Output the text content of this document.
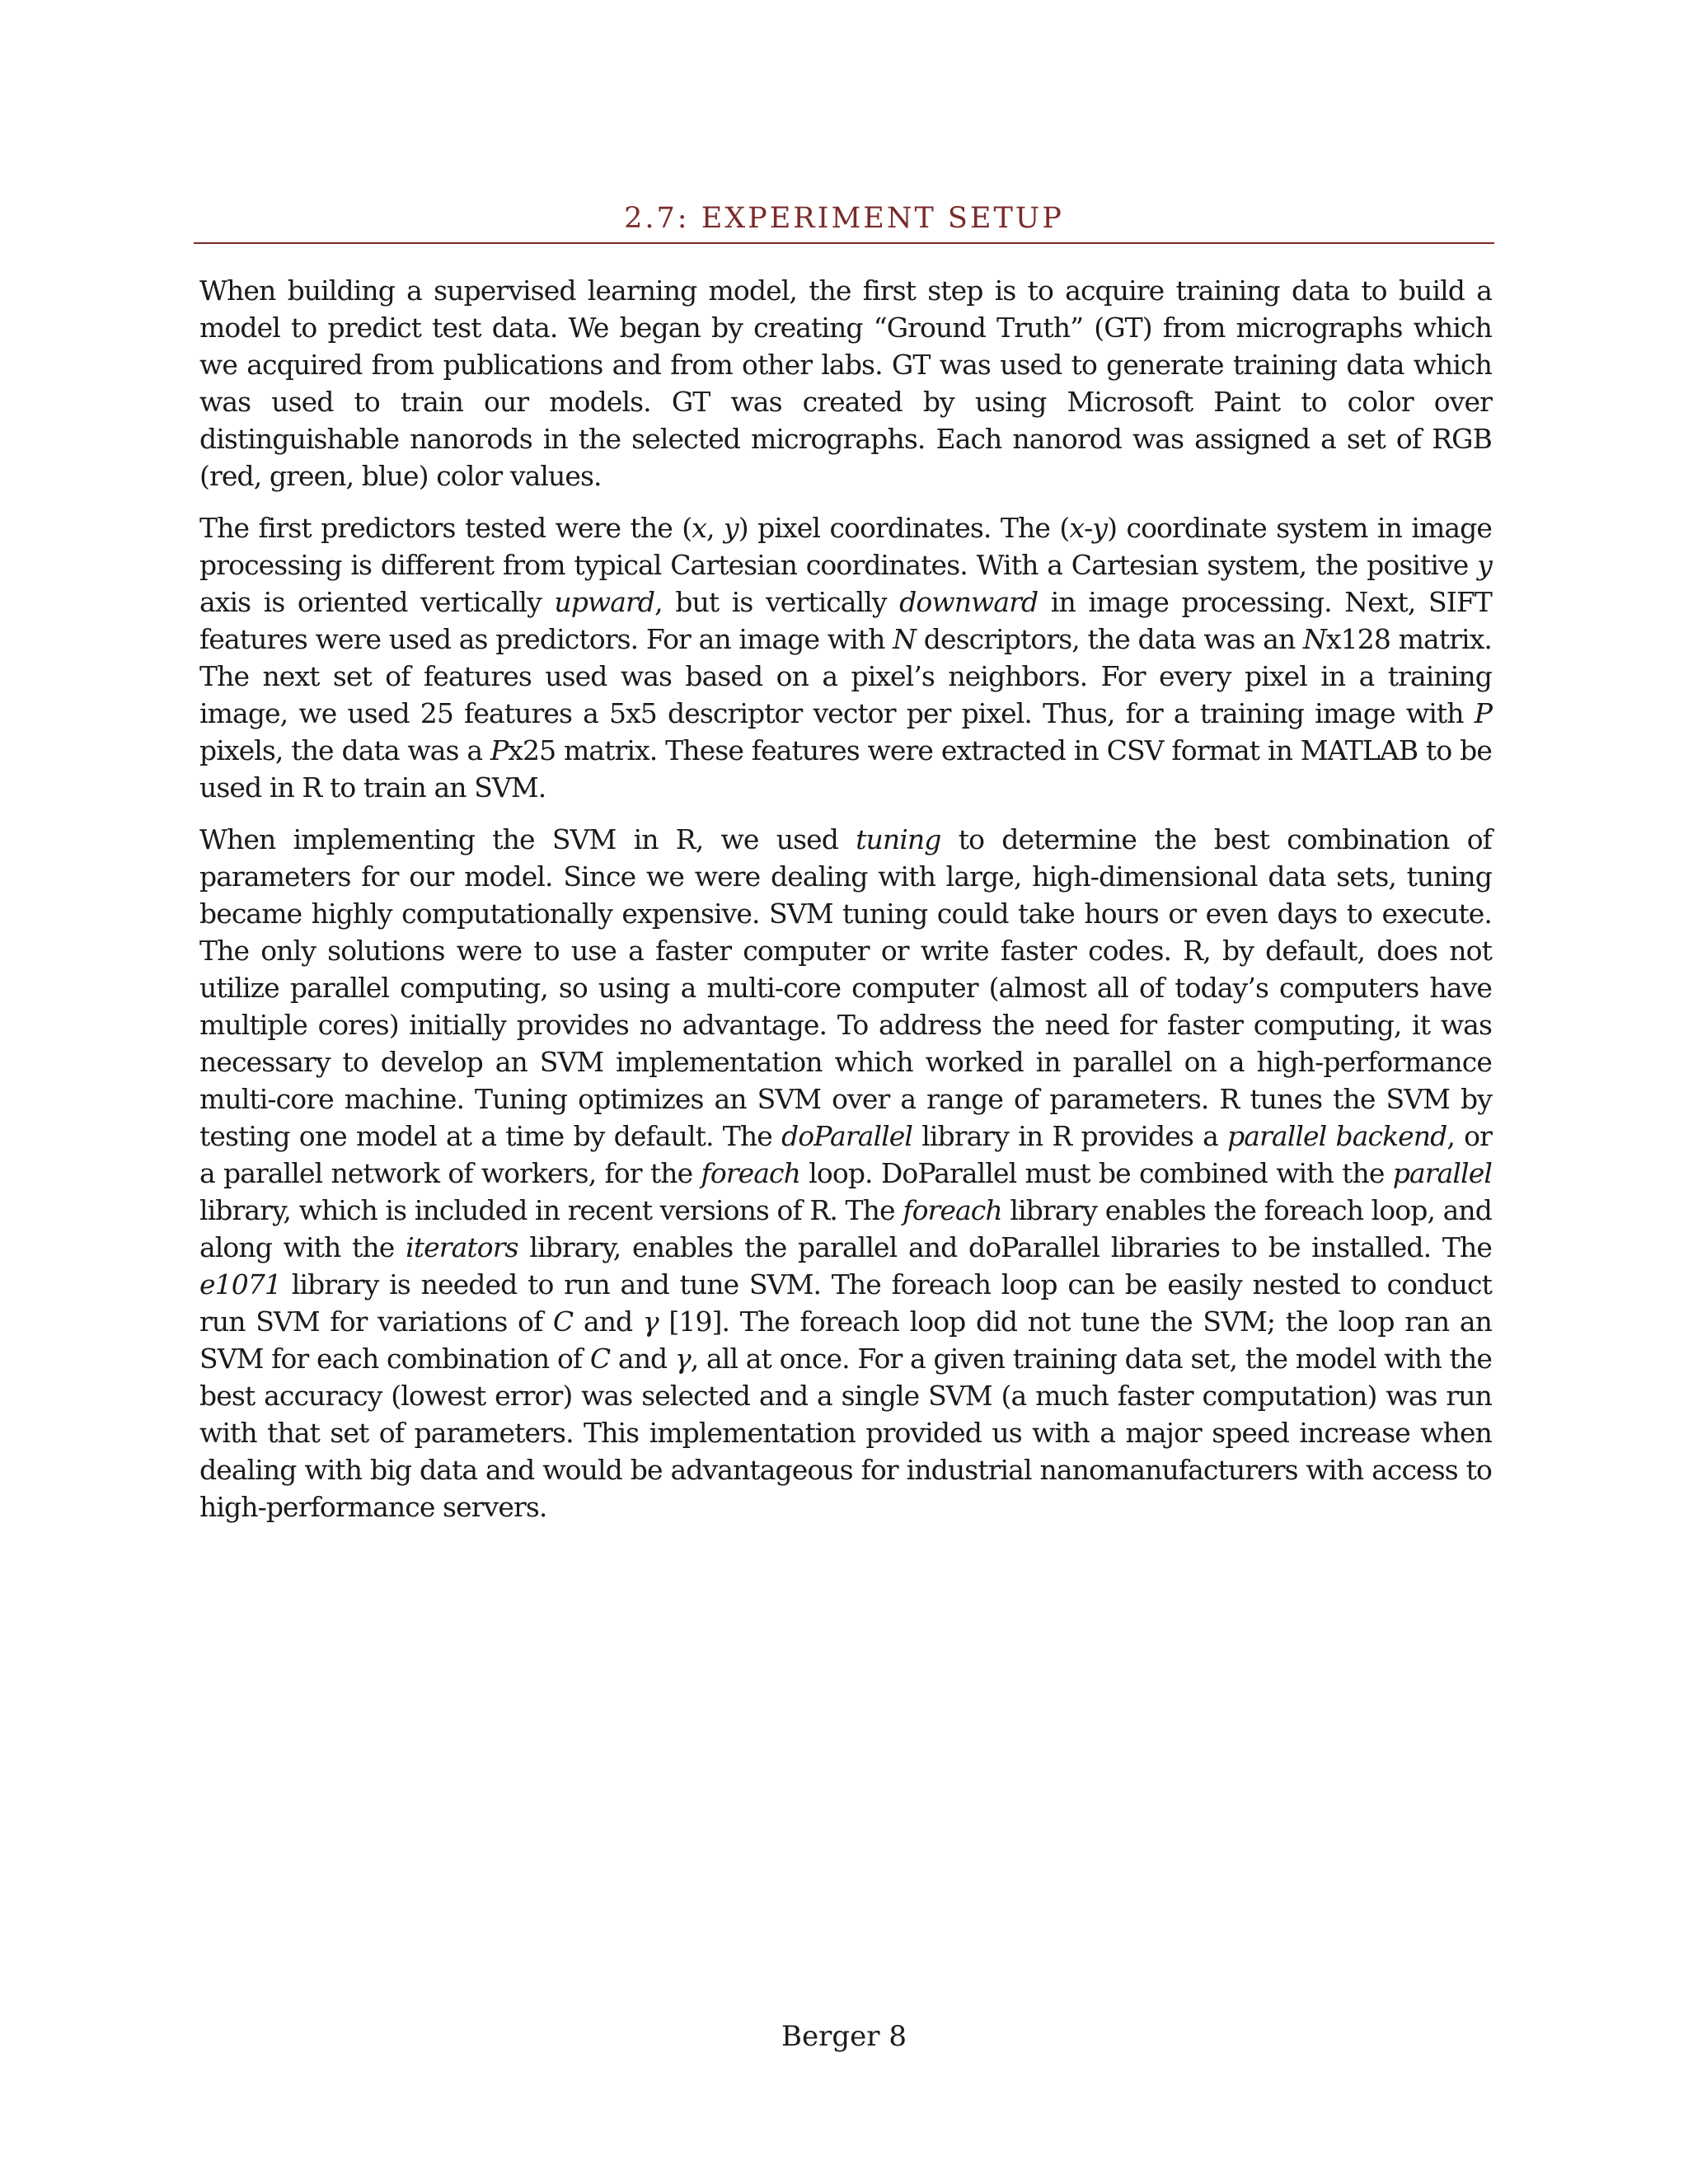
2.7: EXPERIMENT SETUP

When building a supervised learning model, the first step is to acquire training data to build a model to predict test data. We began by creating “Ground Truth” (GT) from micrographs which we acquired from publications and from other labs. GT was used to generate training data which was used to train our models. GT was created by using Microsoft Paint to color over distinguishable nanorods in the selected micrographs. Each nanorod was assigned a set of RGB (red, green, blue) color values.

The first predictors tested were the (x, y) pixel coordinates. The (x-y) coordinate system in image processing is different from typical Cartesian coordinates. With a Cartesian system, the positive y axis is oriented vertically upward, but is vertically downward in image processing. Next, SIFT features were used as predictors. For an image with N descriptors, the data was an Nx128 matrix. The next set of features used was based on a pixel’s neighbors. For every pixel in a training image, we used 25 features a 5x5 descriptor vector per pixel. Thus, for a training image with P pixels, the data was a Px25 matrix. These features were extracted in CSV format in MATLAB to be used in R to train an SVM.

When implementing the SVM in R, we used tuning to determine the best combination of parameters for our model. Since we were dealing with large, high-dimensional data sets, tuning became highly computationally expensive. SVM tuning could take hours or even days to execute. The only solutions were to use a faster computer or write faster codes. R, by default, does not utilize parallel computing, so using a multi-core computer (almost all of today’s computers have multiple cores) initially provides no advantage. To address the need for faster computing, it was necessary to develop an SVM implementation which worked in parallel on a high-performance multi-core machine. Tuning optimizes an SVM over a range of parameters. R tunes the SVM by testing one model at a time by default. The doParallel library in R provides a parallel backend, or a parallel network of workers, for the foreach loop. DoParallel must be combined with the parallel library, which is included in recent versions of R. The foreach library enables the foreach loop, and along with the iterators library, enables the parallel and doParallel libraries to be installed. The e1071 library is needed to run and tune SVM. The foreach loop can be easily nested to conduct run SVM for variations of C and γ [19]. The foreach loop did not tune the SVM; the loop ran an SVM for each combination of C and γ, all at once. For a given training data set, the model with the best accuracy (lowest error) was selected and a single SVM (a much faster computation) was run with that set of parameters. This implementation provided us with a major speed increase when dealing with big data and would be advantageous for industrial nanomanufacturers with access to high-performance servers.

Berger 8
